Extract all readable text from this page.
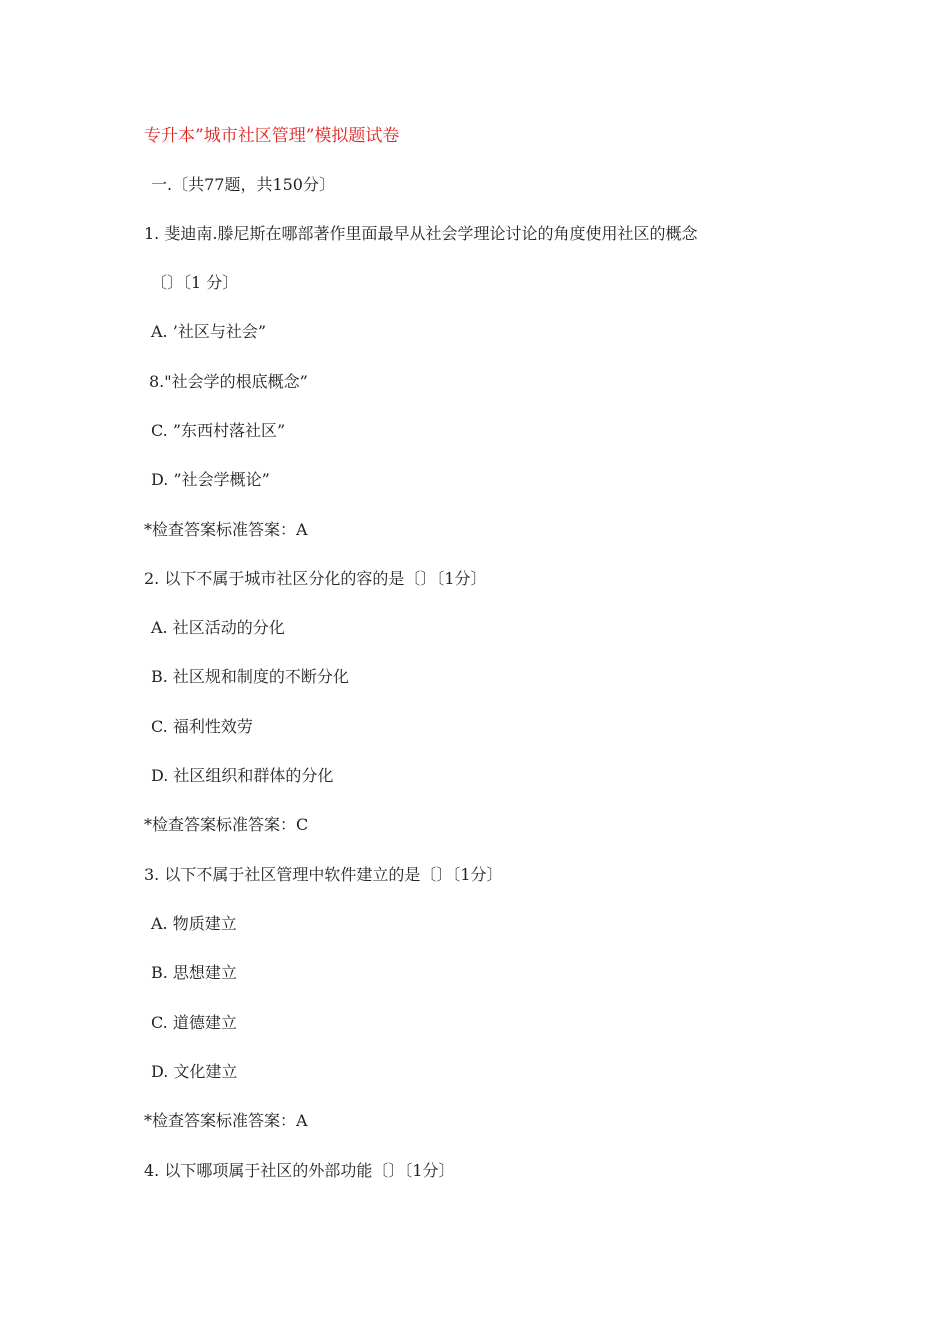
专升本”城市社区管理”模拟题试卷
一.〔共77题，共150分〕
1. 斐迪南.滕尼斯在哪部著作里面最早从社会学理论讨论的角度使用社区的概念
〔〕〔1 分〕
A. ’社区与社会”
8."社会学的根底概念”
C. ”东西村落社区”
D. ”社会学概论”
*检查答案标准答案：A
2. 以下不属于城市社区分化的容的是〔〕〔1分〕
A. 社区活动的分化
B. 社区规和制度的不断分化
C. 福利性效劳
D. 社区组织和群体的分化
*检查答案标准答案：C
3. 以下不属于社区管理中软件建立的是〔〕〔1分〕
A. 物质建立
B. 思想建立
C. 道德建立
D. 文化建立
*检查答案标准答案：A
4. 以下哪项属于社区的外部功能〔〕〔1分〕
